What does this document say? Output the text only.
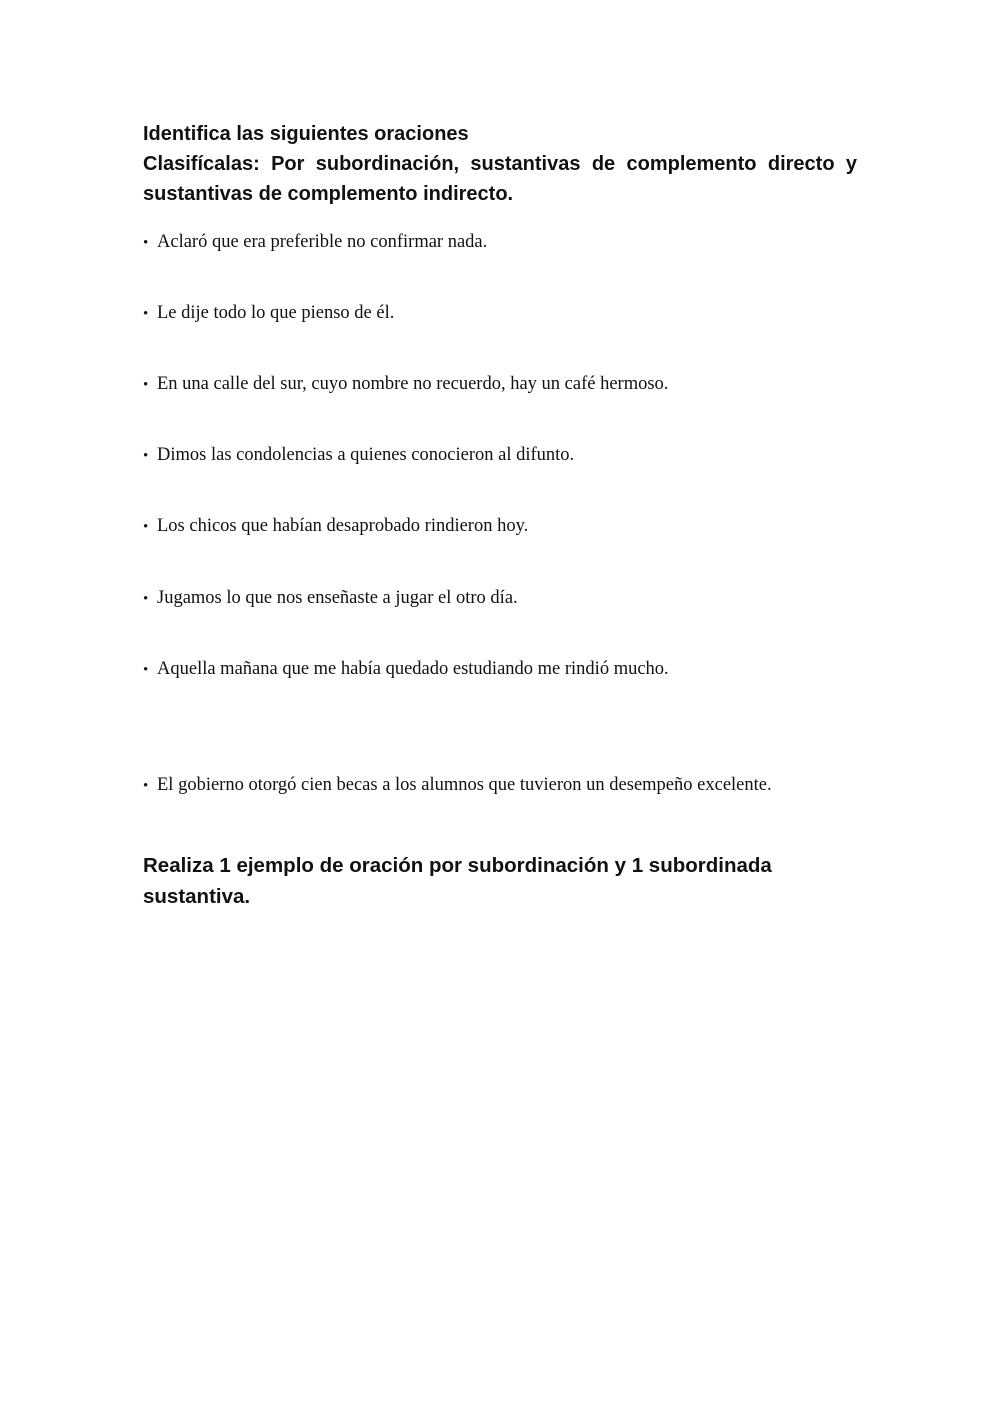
Identifica las siguientes oraciones

Clasifícalas: Por subordinación, sustantivas de complemento directo y sustantivas de complemento indirecto.

• Aclaró que era preferible no confirmar nada.

• Le dije todo lo que pienso de él.

• En una calle del sur, cuyo nombre no recuerdo, hay un café hermoso.

• Dimos las condolencias a quienes conocieron al difunto.

• Los chicos que habían desaprobado rindieron hoy.

• Jugamos lo que nos enseñaste a jugar el otro día.

• Aquella mañana que me había quedado estudiando me rindió mucho.

• El gobierno otorgó cien becas a los alumnos que tuvieron un desempeño excelente.

Realiza 1 ejemplo de oración por subordinación y 1 subordinada sustantiva.
